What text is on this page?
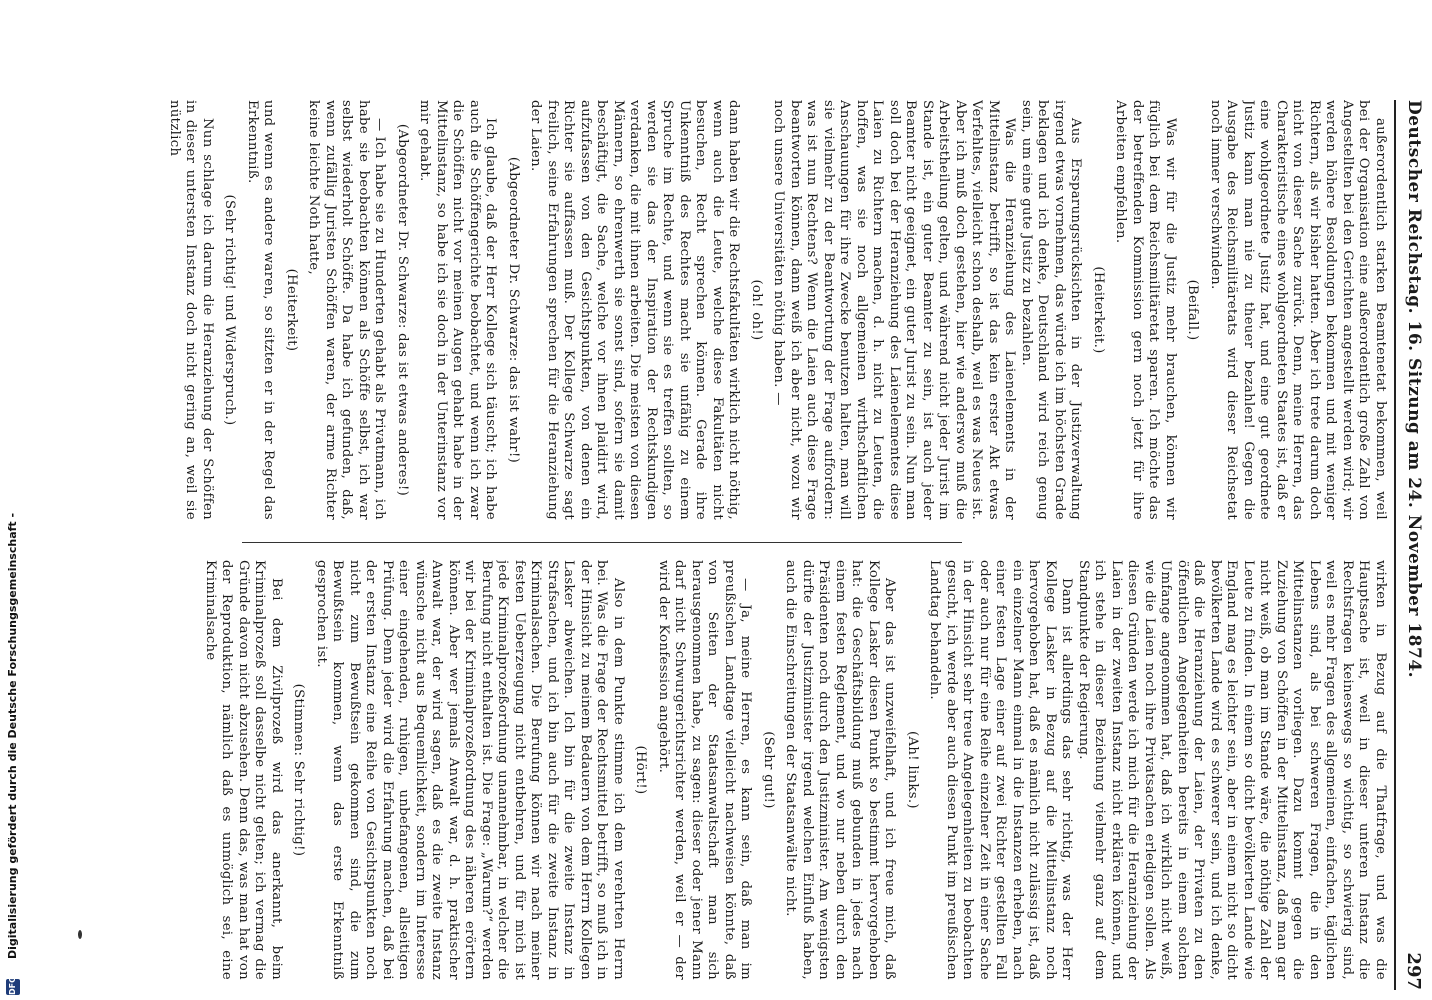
Deutscher Reichstag. 16. Sitzung am 24. November 1874.
297

außerordentlich starken Beamtenetat bekommen, weil bei der Organisation eine außerordentlich große Zahl von Angestellten bei den Gerichten angestellt werden wird; wir werden höhere Besoldungen bekommen und mit weniger Richtern, als wir bisher hatten. Aber ich trete darum doch nicht von dieser Sache zurück. Denn, meine Herren, das Charakteristische eines wohlgeordneten Staates ist, daß er eine wohlgeordnete Justiz hat, und eine gut geordnete Justiz kann man nie zu theuer bezahlen! Gegen die Ausgabe des Reichsmilitäretats wird dieser Reichsetat noch immer verschwinden.

(Beifall.)

Was wir für die Justiz mehr brauchen, können wir füglich bei dem Reichsmilitäretat sparen. Ich möchte das der betreffenden Kommission gern noch jetzt für ihre Arbeiten empfehlen.

(Heiterkeit.)

Aus Ersparungsrücksichten in der Justizverwaltung irgend etwas vornehmen, das würde ich im höchsten Grade beklagen und ich denke, Deutschland wird reich genug sein, um eine gute Justiz zu bezahlen.

Was die Heranziehung des Laienelements in der Mittelinstanz betrifft, so ist das kein erster Akt etwas Verfehltes, vielleicht schon deshalb, weil es was Neues ist. Aber ich muß doch gestehen, hier wie anderswo muß die Arbeitstheilung gelten, und während nicht jeder Jurist im Stande ist, ein guter Beamter zu sein, ist auch jeder Beamter nicht geeignet, ein guter Jurist zu sein. Nun man soll doch bei der Heranziehung des Laienelementes diese Laien zu Richtern machen, d. h. nicht zu Leuten, die hoffen, was sie noch allgemeinen wirthschaftlichen Anschauungen für ihre Zwecke benutzen halten, man will sie vielmehr zu der Beantwortung der Frage auffordern: was ist nun Rechtens? Wenn die Laien auch diese Frage beantworten können, dann weiß ich aber nicht, wozu wir noch unsere Universitäten nöthig haben. —

(oh! oh!)

dann haben wir die Rechtsfakultäten wirklich nicht nöthig, wenn auch die Leute, welche diese Fakultäten nicht besuchen, Recht sprechen können. Gerade ihre Unkenntniß des Rechtes macht sie unfähig zu einem Spruche im Rechte, und wenn sie es treffen sollten, so werden sie das der Inspiration der Rechtskundigen verdanken, die mit ihnen arbeiten. Die meisten von diesen Männern, so ehrenwerth sie sonst sind, sofern sie damit beschäftigt, die Sache, welche vor ihnen plaidirt wird, aufzufassen von den Gesichtspunkten, von denen ein Richter sie auffassen muß. Der Kollege Schwarze sagt freilich, seine Erfahrungen sprechen für die Heranziehung der Laien.

(Abgeordneter Dr. Schwarze: das ist wahr!)

Ich glaube, daß der Herr Kollege sich täuscht; ich habe auch die Schöffengerichte beobachtet, und wenn ich zwar die Schöffen nicht vor meinen Augen gehabt habe in der Mittelinstanz, so habe ich sie doch in der Unterinstanz vor mir gehabt.

(Abgeordneter Dr. Schwarze: das ist etwas anderes!)

— Ich habe sie zu Hunderten gehabt als Privatmann, ich habe sie beobachten können als Schöffe selbst, ich war selbst wiederholt Schöffe. Da habe ich gefunden, daß, wenn zufällig Juristen Schöffen waren, der arme Richter keine leichte Noth hatte,

(Heiterkeit)

und wenn es andere waren, so sitzten er in der Regel das Erkenntniß.

(Sehr richtig! und Widerspruch.)

Nun schlage ich darum die Heranziehung der Schöffen in dieser untersten Instanz doch nicht gering an, weil sie nützlich

wirken in Bezug auf die Thatfrage, und was die Hauptsache ist, weil in dieser unteren Instanz die Rechtsfragen keineswegs so wichtig, so schwierig sind, weil es mehr Fragen des allgemeinen, einfachen, täglichen Lebens sind, als bei schweren Fragen, die in den Mittelinstanzen vorliegen. Dazu kommt gegen die Zuziehung von Schöffen in der Mittelinstanz, daß man gar nicht weiß, ob man im Stande wäre, die nöthige Zahl der Leute zu finden. In einem so dicht bevölkerten Lande wie England mag es leichter sein, aber in einem nicht so dicht bevölkerten Lande wird es schwerer sein, und ich denke, daß die Heranziehung der Laien, der Privaten zu den öffentlichen Angelegenheiten bereits in einem solchen Umfange angenommen hat, daß ich wirklich nicht weiß, wie die Laien noch ihre Privatsachen erledigen sollen. Als diesen Gründen werde ich mich für die Heranziehung der Laien in der zweiten Instanz nicht erklären können, und ich stehe in dieser Beziehung vielmehr ganz auf dem Standpunkte der Regierung.

Dann ist allerdings das sehr richtig, was der Herr Kollege Lasker in Bezug auf die Mittelinstanz noch hervorgehoben hat, daß es nämlich nicht zulässig ist, daß ein einzelner Mann einmal in die Instanzen erheben, nach einer festen Lage einer auf zwei Richter gestellten Fall oder auch nur für eine Reihe einzelner Zeit in einer Sache in der Hinsicht sehr treue Angelegenheiten zu beobachten gesucht, ich werde aber auch diesen Punkt im preußischen Landtag behandeln.

(Ah! links.)

Aber das ist unzweifelhaft, und ich freue mich, daß Kollege Lasker diesen Punkt so bestimmt hervorgehoben hat: die Geschäftsbildung muß gebunden in jedes nach einem festen Reglement, und wo nur neben durch den Präsidenten noch durch den Justizminister. Am wenigsten dürfte der Justizminister irgend welchen Einfluß haben, auch die Einschreitungen der Staatsanwälte nicht.

(Sehr gut!)

— Ja, meine Herren, es kann sein, daß man im preußischen Landtage vielleicht nachweisen könnte, daß von Seiten der Staatsanwaltschaft man sich herausgenommen habe, zu sagen: dieser oder jener Mann darf nicht Schwurgerichtsrichter werden, weil er — der wird der Konfession angehört.

(Hört!)

Also in dem Punkte stimme ich dem verehrten Herrn bei. Was die Frage der Rechtsmittel betrifft, so muß ich in der Hinsicht zu meinem Bedauern von dem Herrn Kollegen Lasker abweichen. Ich bin für die zweite Instanz in Strafsachen, und ich bin auch für die zweite Instanz in Kriminalsachen. Die Berufung können wir nach meiner festen Ueberzeugung nicht entbehren, und für mich ist jede Kriminalprozeßordnung unannehmbar, in welcher die Berufung nicht enthalten ist. Die Frage: „Warum?“ werden wir bei der Kriminalprozeßordnung des näheren erörtern können. Aber wer jemals Anwalt war, d. h. praktischer Anwalt war, der wird sagen, daß es die zweite Instanz wünsche nicht aus Bequemlichkeit, sondern im Interesse einer eingehenden, ruhigen, unbefangenen, allseitigen Prüfung. Denn jeder wird die Erfahrung machen, daß bei der ersten Instanz eine Reihe von Gesichtspunkten noch nicht zum Bewußtsein gekommen sind, die zum Bewußtsein kommen, wenn das erste Erkenntniß gesprochen ist.

(Stimmen: Sehr richtig!)

Bei dem Zivilprozeß wird das anerkannt, beim Kriminalprozeß soll dasselbe nicht gelten; ich vermag die Gründe davon nicht abzusehen. Denn das, was man hat von der Reproduktion, nämlich daß es unmöglich sei, eine Kriminalsache

DFGDigitalisierung gefördert durch die Deutsche Forschungsgemeinschaft -
